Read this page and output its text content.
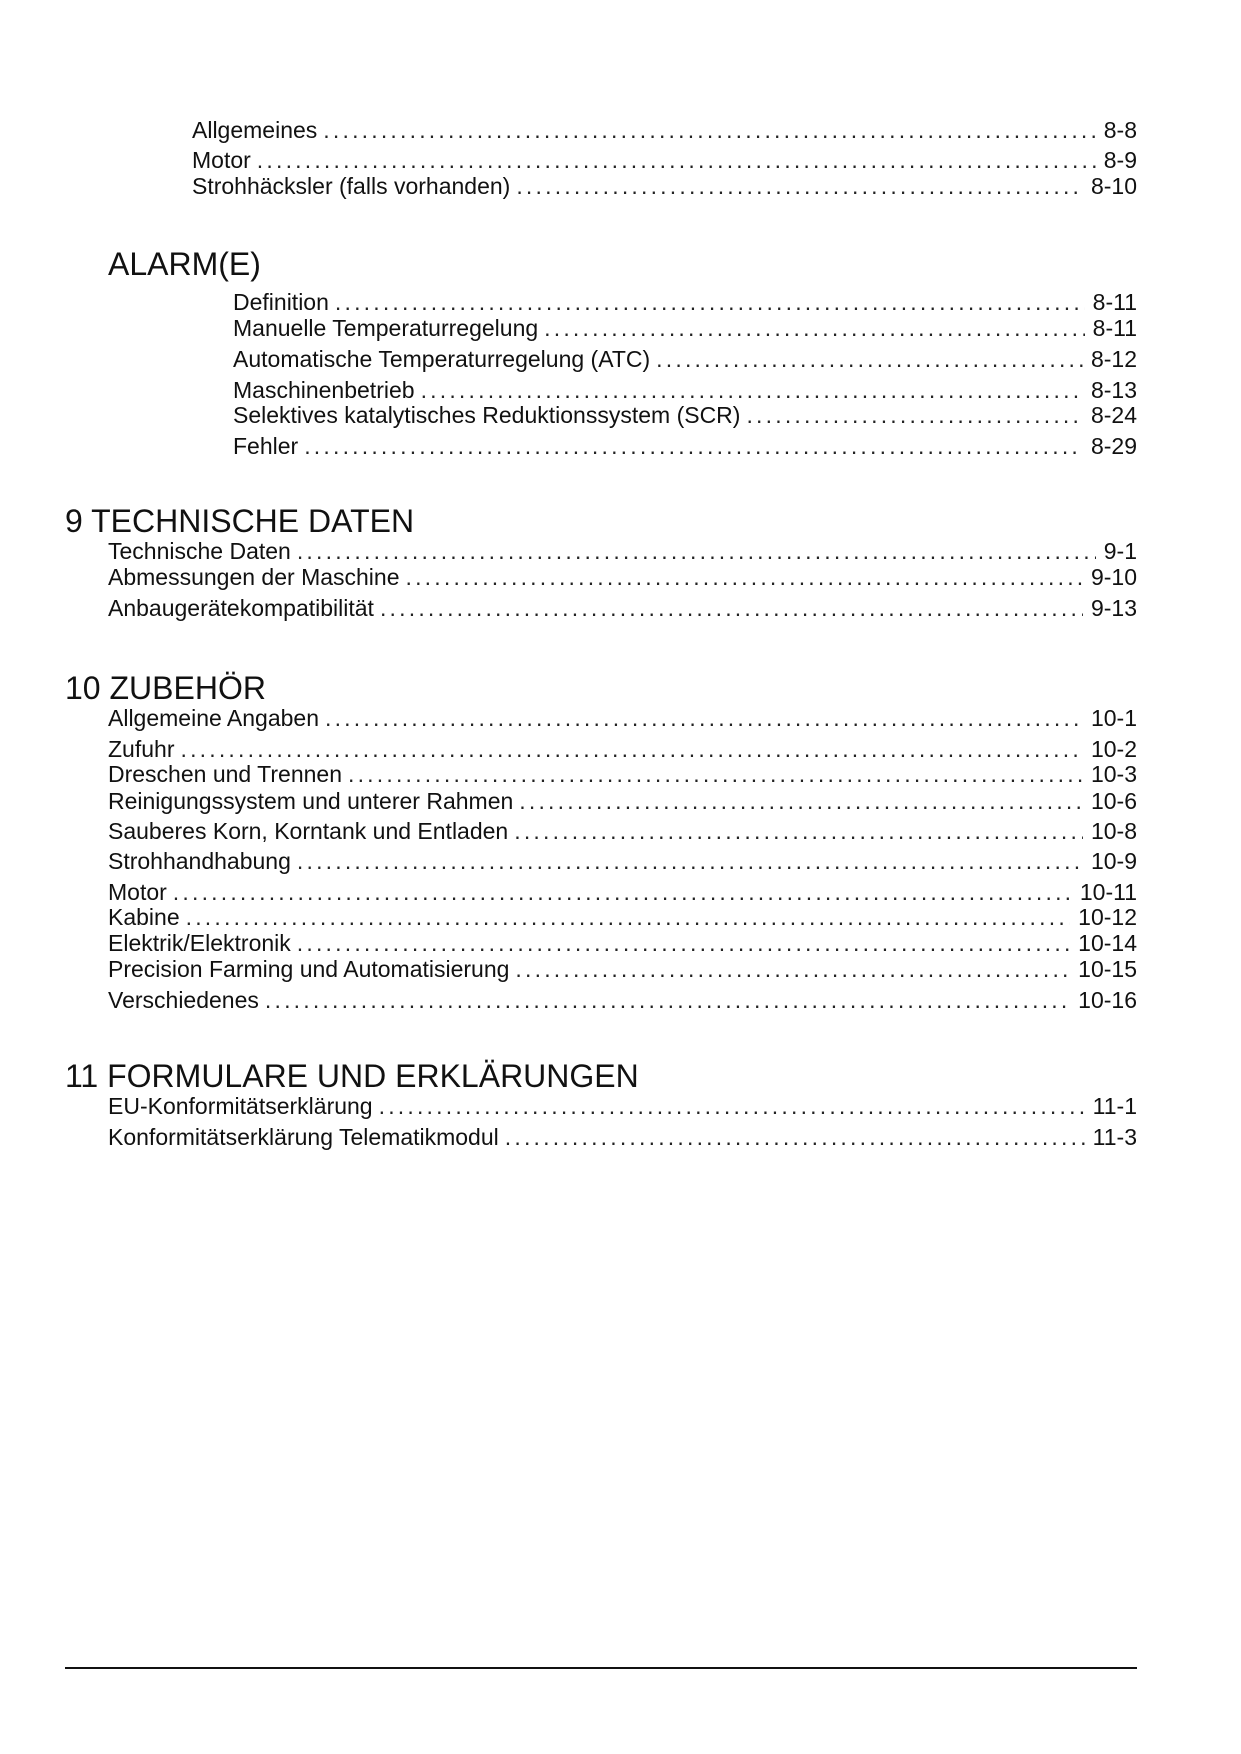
Allgemeines .....	8-8
Motor .....	8-9
Strohhäcksler (falls vorhanden) .....	8-10
ALARM(E)
Definition .....	8-11
Manuelle Temperaturregelung .....	8-11
Automatische Temperaturregelung (ATC) .....	8-12
Maschinenbetrieb .....	8-13
Selektives katalytisches Reduktionssystem (SCR) .....	8-24
Fehler .....	8-29
9 TECHNISCHE DATEN
Technische Daten .....	9-1
Abmessungen der Maschine .....	9-10
Anbaugerätekompatibilität .....	9-13
10 ZUBEHÖR
Allgemeine Angaben .....	10-1
Zufuhr .....	10-2
Dreschen und Trennen .....	10-3
Reinigungssystem und unterer Rahmen .....	10-6
Sauberes Korn, Korntank und Entladen .....	10-8
Strohhandhabung .....	10-9
Motor .....	10-11
Kabine .....	10-12
Elektrik/Elektronik .....	10-14
Precision Farming und Automatisierung .....	10-15
Verschiedenes .....	10-16
11 FORMULARE UND ERKLÄRUNGEN
EU-Konformitätserklärung .....	11-1
Konformitätserklärung Telematikmodul .....	11-3
